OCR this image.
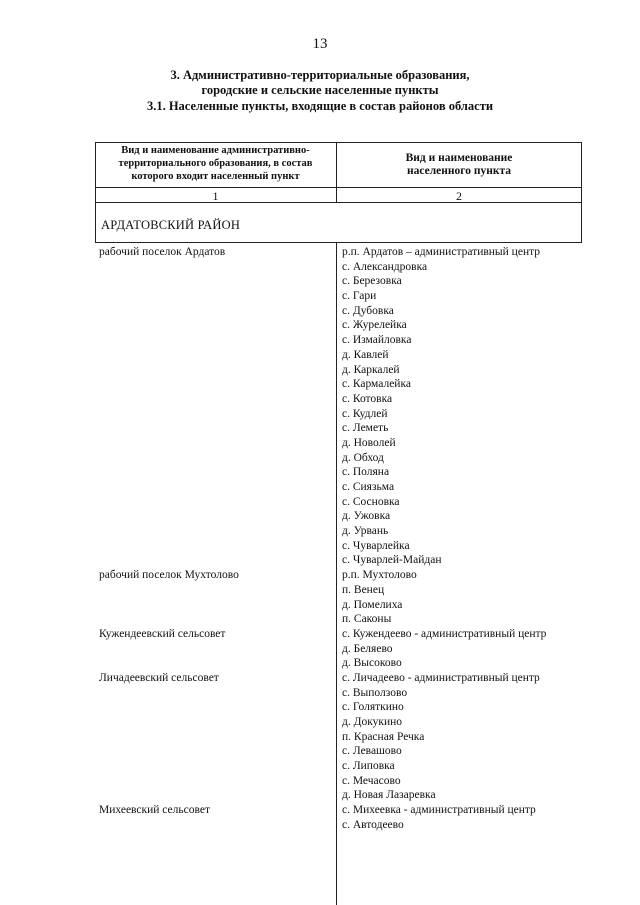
13
3. Административно-территориальные образования,
городские и сельские населенные пункты
3.1. Населенные пункты, входящие в состав районов области
Вид и наименование административно-
территориального образования, в состав
которого входит населенный пункт
Вид и наименование
населенного пункта
1	2
АРДАТОВСКИЙ РАЙОН
рабочий поселок Ардатов
рабочий поселок Мухтолово
Кужендеевский сельсовет
Личадеевский сельсовет
Михеевский сельсовет
р.п. Ардатов – административный центр
с. Александровка
с. Березовка
с. Гари
с. Дубовка
с. Журелейка
с. Измайловка
д. Кавлей
д. Каркалей
с. Кармалейка
с. Котовка
с. Кудлей
с. Леметь
д. Новолей
д. Обход
с. Поляна
с. Сиязьма
с. Сосновка
д. Ужовка
д. Урвань
с. Чуварлейка
с. Чуварлей-Майдан
р.п. Мухтолово
п. Венец
д. Помелиха
п. Саконы
с. Кужендеево - административный центр
д. Беляево
д. Высоково
с. Личадеево - административный центр
с. Выползово
с. Голяткино
д. Докукино
п. Красная Речка
с. Левашово
с. Липовка
с. Мечасово
д. Новая Лазаревка
с. Михеевка - административный центр
с. Автодеево
